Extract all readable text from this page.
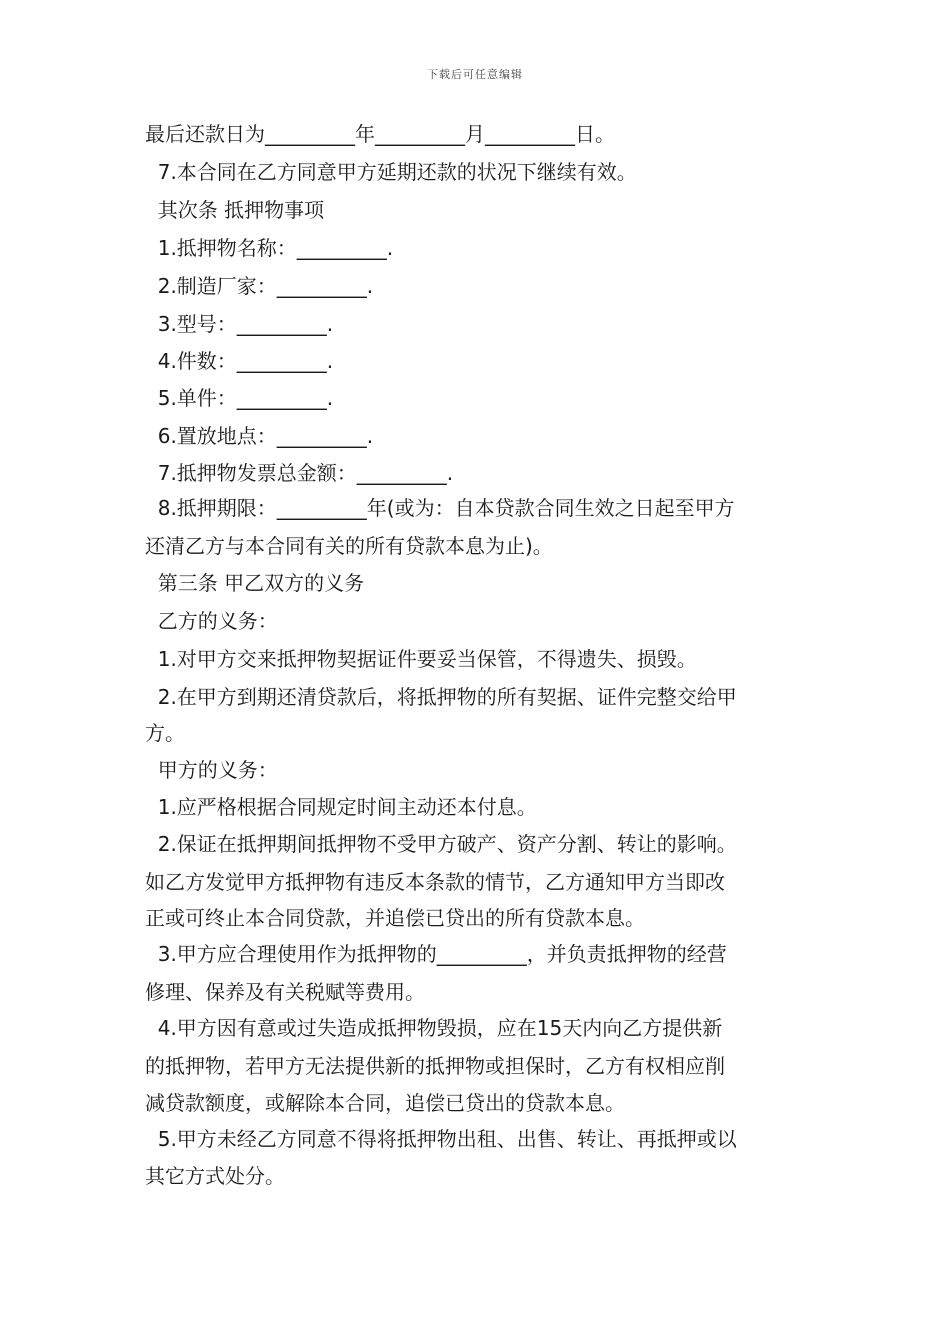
下载后可任意编辑
最后还款日为_________年_________月_________日。
7.本合同在乙方同意甲方延期还款的状况下继续有效。
其次条 抵押物事项
1.抵押物名称：_________.
2.制造厂家：_________.
3.型号：_________.
4.件数：_________.
5.单件：_________.
6.置放地点：_________.
7.抵押物发票总金额：_________.
8.抵押期限：_________年(或为：自本贷款合同生效之日起至甲方
还清乙方与本合同有关的所有贷款本息为止)。
第三条 甲乙双方的义务
乙方的义务：
1.对甲方交来抵押物契据证件要妥当保管，不得遗失、损毁。
2.在甲方到期还清贷款后，将抵押物的所有契据、证件完整交给甲
方。
甲方的义务：
1.应严格根据合同规定时间主动还本付息。
2.保证在抵押期间抵押物不受甲方破产、资产分割、转让的影响。
如乙方发觉甲方抵押物有违反本条款的情节，乙方通知甲方当即改
正或可终止本合同贷款，并追偿已贷出的所有贷款本息。
3.甲方应合理使用作为抵押物的_________，并负责抵押物的经营
修理、保养及有关税赋等费用。
4.甲方因有意或过失造成抵押物毁损，应在15天内向乙方提供新
的抵押物，若甲方无法提供新的抵押物或担保时，乙方有权相应削
减贷款额度，或解除本合同，追偿已贷出的贷款本息。
5.甲方未经乙方同意不得将抵押物出租、出售、转让、再抵押或以
其它方式处分。
